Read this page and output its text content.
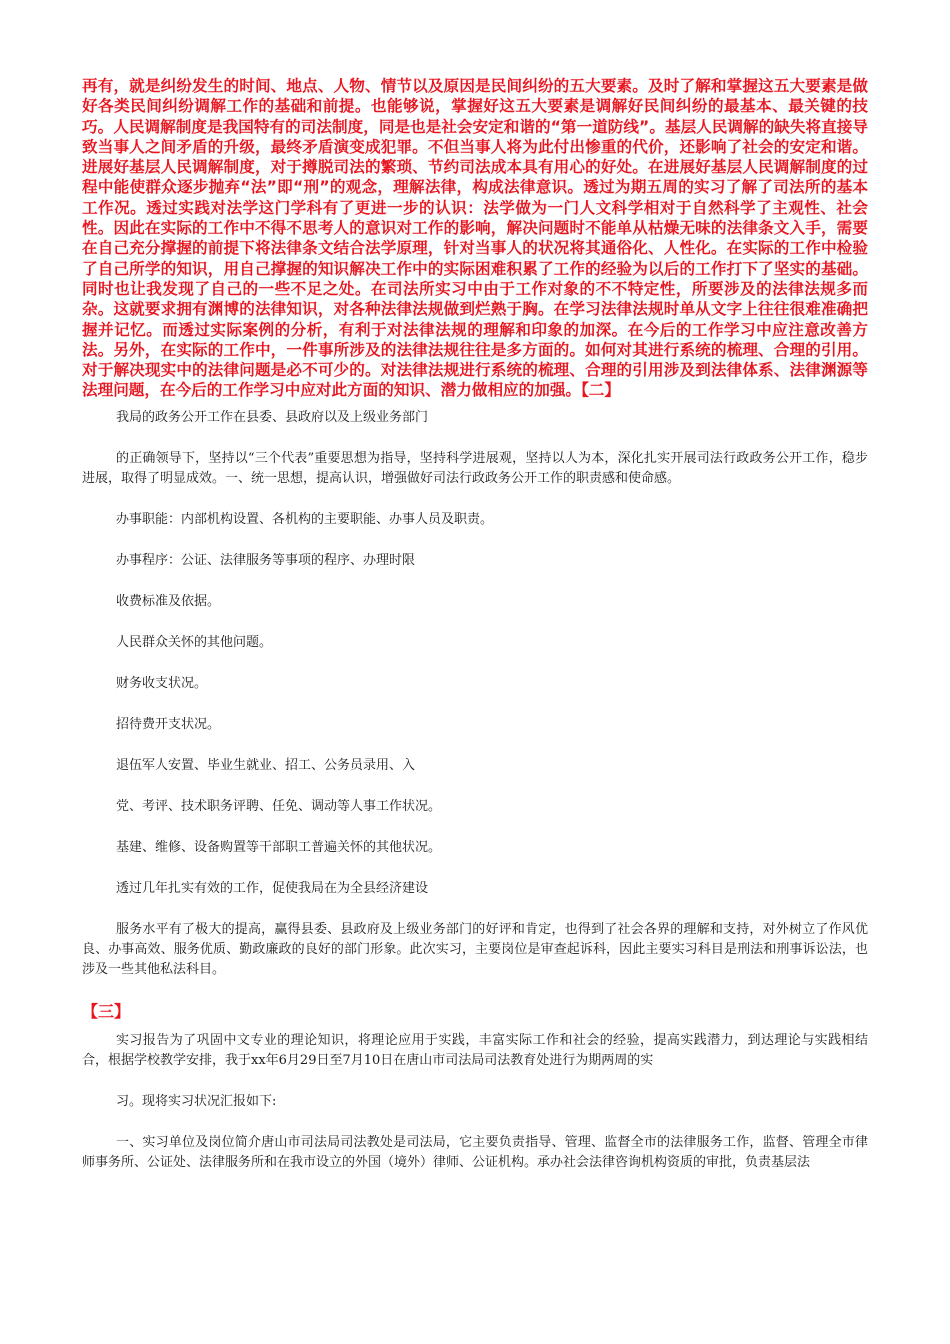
再有，就是纠纷发生的时间、地点、人物、情节以及原因是民间纠纷的五大要素。及时了解和掌握这五大要素是做好各类民间纠纷调解工作的基础和前提。也能够说，掌握好这五大要素是调解好民间纠纷的最基本、最关键的技巧。人民调解制度是我国特有的司法制度，同是也是社会安定和谐的“第一道防线”。基层人民调解的缺失将直接导致当事人之间矛盾的升级，最终矛盾演变成犯罪。不但当事人将为此付出惨重的代价，还影响了社会的安定和谐。进展好基层人民调解制度，对于撙脱司法的繁琐、节约司法成本具有用心的好处。在进展好基层人民调解制度的过程中能使群众逐步抛弃“法”即“刑”的观念，理解法律，构成法律意识。透过为期五周的实习了解了司法所的基本工作况。透过实践对法学这门学科有了更进一步的认识：法学做为一门人文科学相对于自然科学了主观性、社会性。因此在实际的工作中不得不思考人的意识对工作的影响，解决问题时不能单从枯燥无味的法律条文入手，需要在自己充分撑握的前提下将法律条文结合法学原理，针对当事人的状况将其通俗化、人性化。在实际的工作中检验了自己所学的知识，用自己撑握的知识解决工作中的实际困难积累了工作的经验为以后的工作打下了坚实的基础。同时也让我发现了自己的一些不足之处。在司法所实习中由于工作对象的不不特定性，所要涉及的法律法规多而杂。这就要求拥有渊博的法律知识，对各种法律法规做到烂熟于胸。在学习法律法规时单从文字上往往很难准确把握并记忆。而透过实际案例的分析，有利于对法律法规的理解和印象的加深。在今后的工作学习中应注意改善方法。另外，在实际的工作中，一件事所涉及的法律法规往往是多方面的。如何对其进行系统的梳理、合理的引用。对于解决现实中的法律问题是必不可少的。对法律法规进行系统的梳理、合理的引用涉及到法律体系、法律渊源等法理问题，在今后的工作学习中应对此方面的知识、潜力做相应的加强。【二】

我局的政务公开工作在县委、县政府以及上级业务部门

的正确领导下，坚持以“三个代表”重要思想为指导，坚持科学进展观，坚持以人为本，深化扎实开展司法行政政务公开工作，稳步进展，取得了明显成效。一、统一思想，提高认识，增强做好司法行政政务公开工作的职责感和使命感。

办事职能：内部机构设置、各机构的主要职能、办事人员及职责。

办事程序：公证、法律服务等事项的程序、办理时限

收费标准及依据。

人民群众关怀的其他问题。

财务收支状况。

招待费开支状况。

退伍军人安置、毕业生就业、招工、公务员录用、入

党、考评、技术职务评聘、任免、调动等人事工作状况。

基建、维修、设备购置等干部职工普遍关怀的其他状况。

透过几年扎实有效的工作，促使我局在为全县经济建设

服务水平有了极大的提高，赢得县委、县政府及上级业务部门的好评和肯定，也得到了社会各界的理解和支持，对外树立了作风优良、办事高效、服务优质、勤政廉政的良好的部门形象。此次实习，主要岗位是审查起诉科，因此主要实习科目是刑法和刑事诉讼法，也涉及一些其他私法科目。

【三】

实习报告为了巩固中文专业的理论知识，将理论应用于实践，丰富实际工作和社会的经验，提高实践潜力，到达理论与实践相结合，根据学校教学安排，我于xx年6月29日至7月10日在唐山市司法局司法教育处进行为期两周的实

习。现将实习状况汇报如下:

一、实习单位及岗位简介唐山市司法局司法教处是司法局，它主要负责指导、管理、监督全市的法律服务工作，监督、管理全市律师事务所、公证处、法律服务所和在我市设立的外国（境外）律师、公证机构。承办社会法律咨询机构资质的审批，负责基层法
